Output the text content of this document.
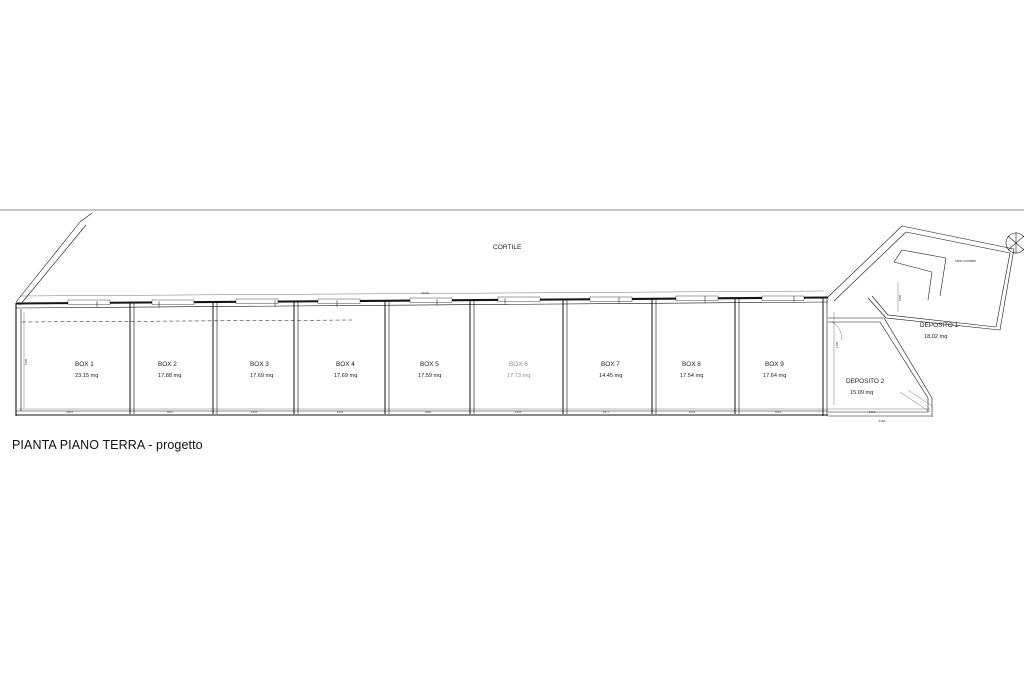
CORTILE
2400	2400	2400	2400	2400	2400	2400	2400	2400
44200
5821	3647	3443	3443	3460	3443	3377	3476	3461	3470
4468
5100	BOX 1
23.15 mq
BOX 2
17.88 mq
BOX 3
17.69 mq
BOX 4
17.69 mq
BOX 5
17.59 mq
BOX 6
17.73 mq
BOX 7
14.45 mq
BOX 8
17.54 mq
BOX 9
17.64 mq
DEPOSITO 1
18.02 mq
DEPOSITO 2
15.09 mq
vano contatori
4400
2400
PIANTA PIANO TERRA - progetto
